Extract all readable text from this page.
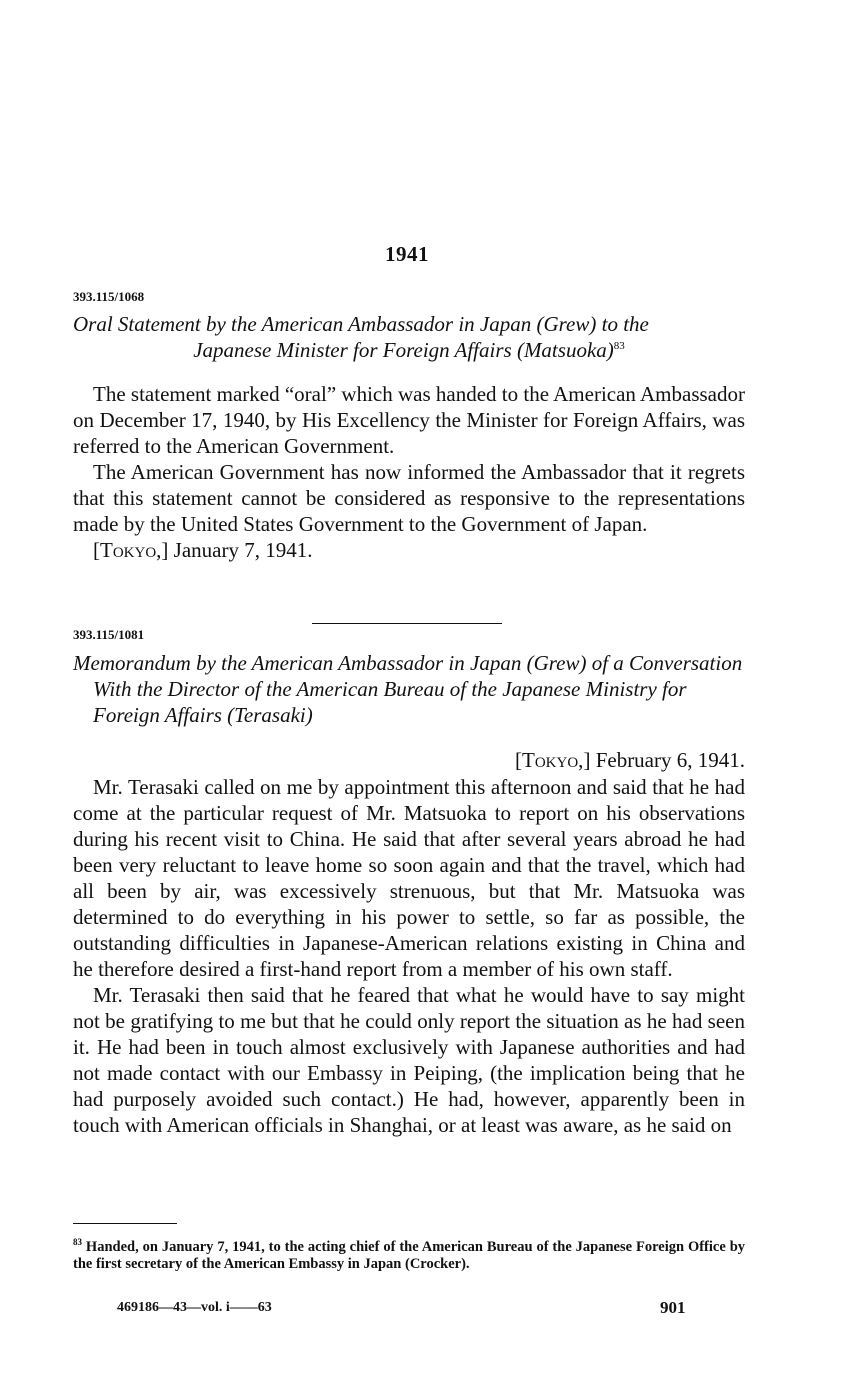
1941
393.115/1068
Oral Statement by the American Ambassador in Japan (Grew) to the
Japanese Minister for Foreign Affairs (Matsuoka)$^{83}$

The statement marked “oral” which was handed to the American Ambassador on December 17, 1940, by His Excellency the Minister for Foreign Affairs, was referred to the American Government.

The American Government has now informed the Ambassador that it regrets that this statement cannot be considered as responsive to the representations made by the United States Government to the Government of Japan.

[Tokyo,] January 7, 1941.

393.115/1081
Memorandum by the American Ambassador in Japan (Grew) of a Conversation With the Director of the American Bureau of the Japanese Ministry for Foreign Affairs (Terasaki)
[Tokyo,] February 6, 1941.

Mr. Terasaki called on me by appointment this afternoon and said that he had come at the particular request of Mr. Matsuoka to report on his observations during his recent visit to China. He said that after several years abroad he had been very reluctant to leave home so soon again and that the travel, which had all been by air, was excessively strenuous, but that Mr. Matsuoka was determined to do everything in his power to settle, so far as possible, the outstanding difficulties in Japanese-American relations existing in China and he therefore desired a first-hand report from a member of his own staff.

Mr. Terasaki then said that he feared that what he would have to say might not be gratifying to me but that he could only report the situation as he had seen it. He had been in touch almost exclusively with Japanese authorities and had not made contact with our Embassy in Peiping, (the implication being that he had purposely avoided such contact.) He had, however, apparently been in touch with American officials in Shanghai, or at least was aware, as he said on

$^{83}$ Handed, on January 7, 1941, to the acting chief of the American Bureau of the Japanese Foreign Office by the first secretary of the American Embassy in Japan (Crocker).
469186—43—vol. i——63	901
